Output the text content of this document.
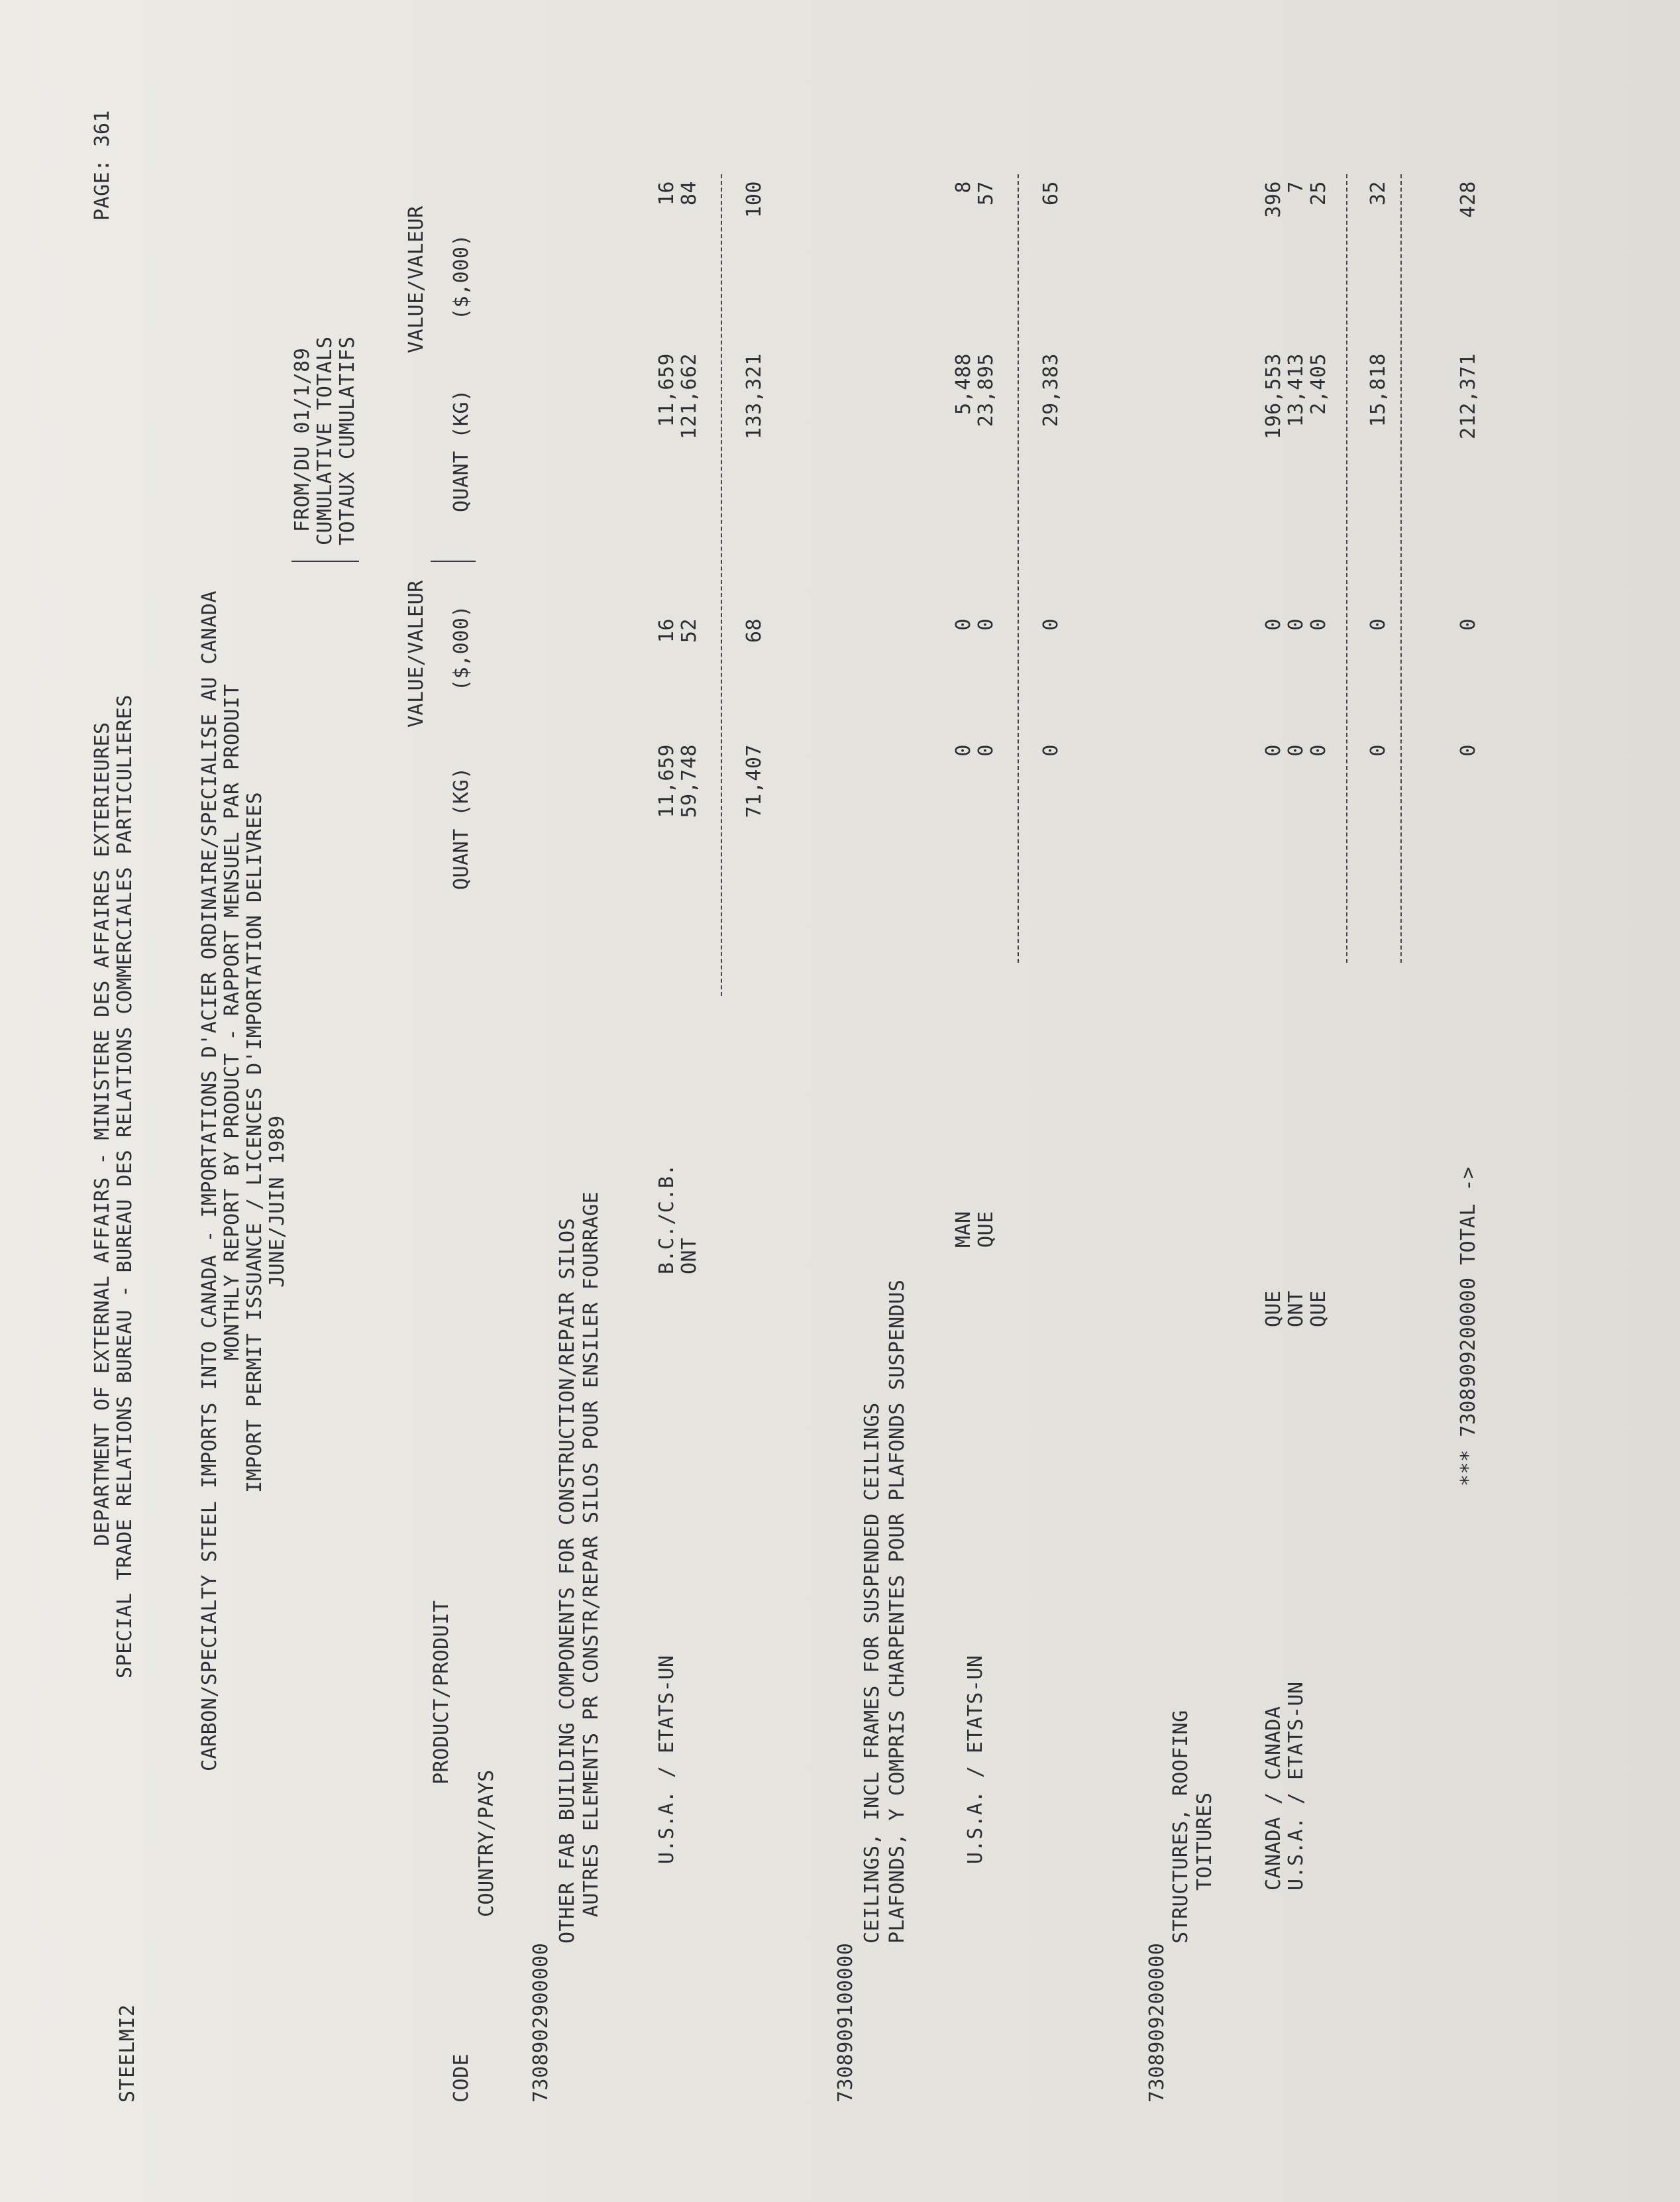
STEELMI2
DEPARTMENT OF EXTERNAL AFFAIRS - MINISTERE DES AFFAIRES EXTERIEURES SPECIAL TRADE RELATIONS BUREAU - BUREAU DES RELATIONS COMMERCIALES PARTICULIERES
PAGE: 361
CARBON/SPECIALTY STEEL IMPORTS INTO CANADA - IMPORTATIONS D'ACIER ORDINAIRE/SPECIALISE AU CANADA MONTHLY REPORT BY PRODUCT - RAPPORT MENSUEL PAR PRODUIT IMPORT PERMIT ISSUANCE / LICENCES D'IMPORTATION DELIVREES JUNE/JUIN 1989
FROM/DU 01/1/89 CUMULATIVE TOTALS TOTAUX CUMULATIFS
VALUE/VALEUR
VALUE/VALEUR
PRODUCT/PRODUIT
QUANT (KG)
($,000)
QUANT (KG)
($,000)
CODE
COUNTRY/PAYS
7308902900000
OTHER FAB BUILDING COMPONENTS FOR CONSTRUCTION/REPAIR SILOS AUTRES ELEMENTS PR CONSTR/REPAR SILOS POUR ENSILER FOURRAGE	U.S.A. / ETATS-UN
B.C./C.B.
11,659
16
11,659
16
ONT
59,748
52
121,662
84
71,407
68
133,321
100
7308909100000
CEILINGS, INCL FRAMES FOR SUSPENDED CEILINGS PLAFONDS, Y COMPRIS CHARPENTES POUR PLAFONDS SUSPENDUS	U.S.A. / ETATS-UN
MAN
0
0
5,488
8
QUE
0
0
23,895
57
0
0
29,383
65
7308909200000
STRUCTURES, ROOFING TOITURES CANADA / CANADA
QUE
0
0
196,553
396
U.S.A. / ETATS-UN
ONT
0
0
13,413
7
QUE
0
0
2,405
25
0
0
15,818
32
*** 7308909200000 TOTAL ->
0
0
212,371
428
